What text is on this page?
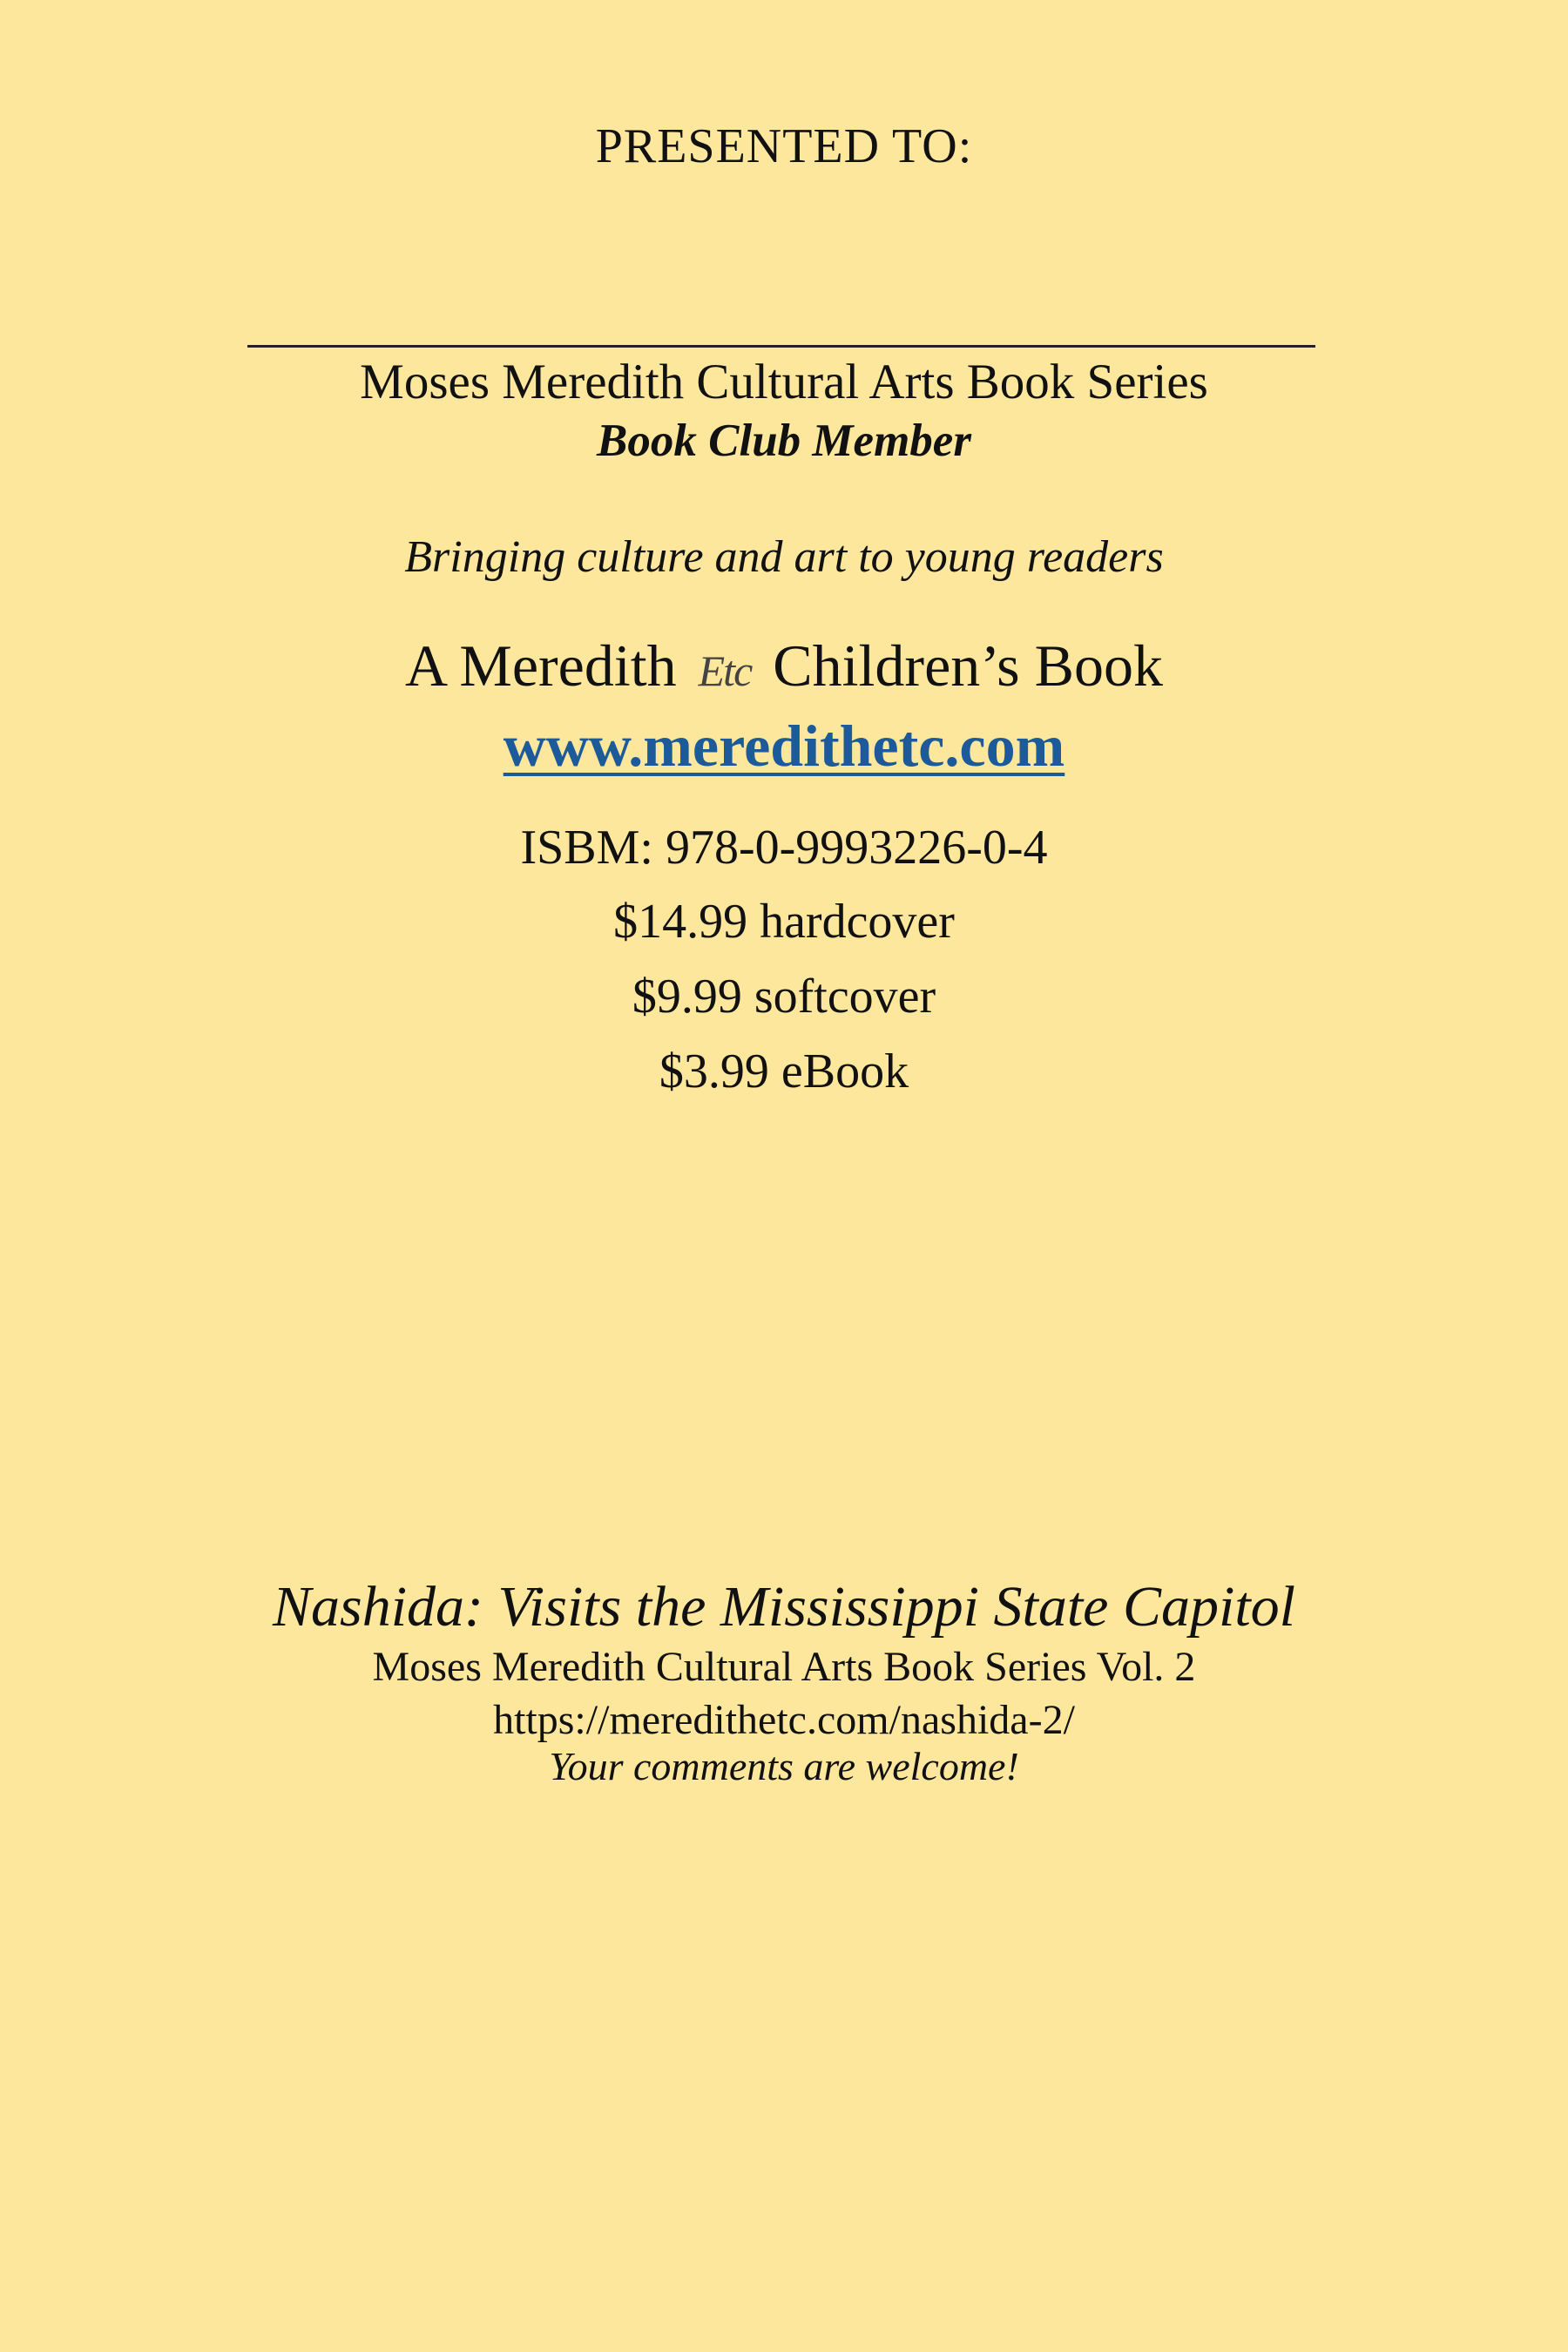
PRESENTED TO:
Moses Meredith Cultural Arts Book Series
Book Club Member
Bringing culture and art to young readers
A Meredith Etc Children’s Book
www.meredithetc.com
ISBM: 978-0-9993226-0-4
$14.99 hardcover
$9.99 softcover
$3.99 eBook
Nashida: Visits the Mississippi State Capitol
Moses Meredith Cultural Arts Book Series Vol. 2
https://meredithetc.com/nashida-2/
Your comments are welcome!
